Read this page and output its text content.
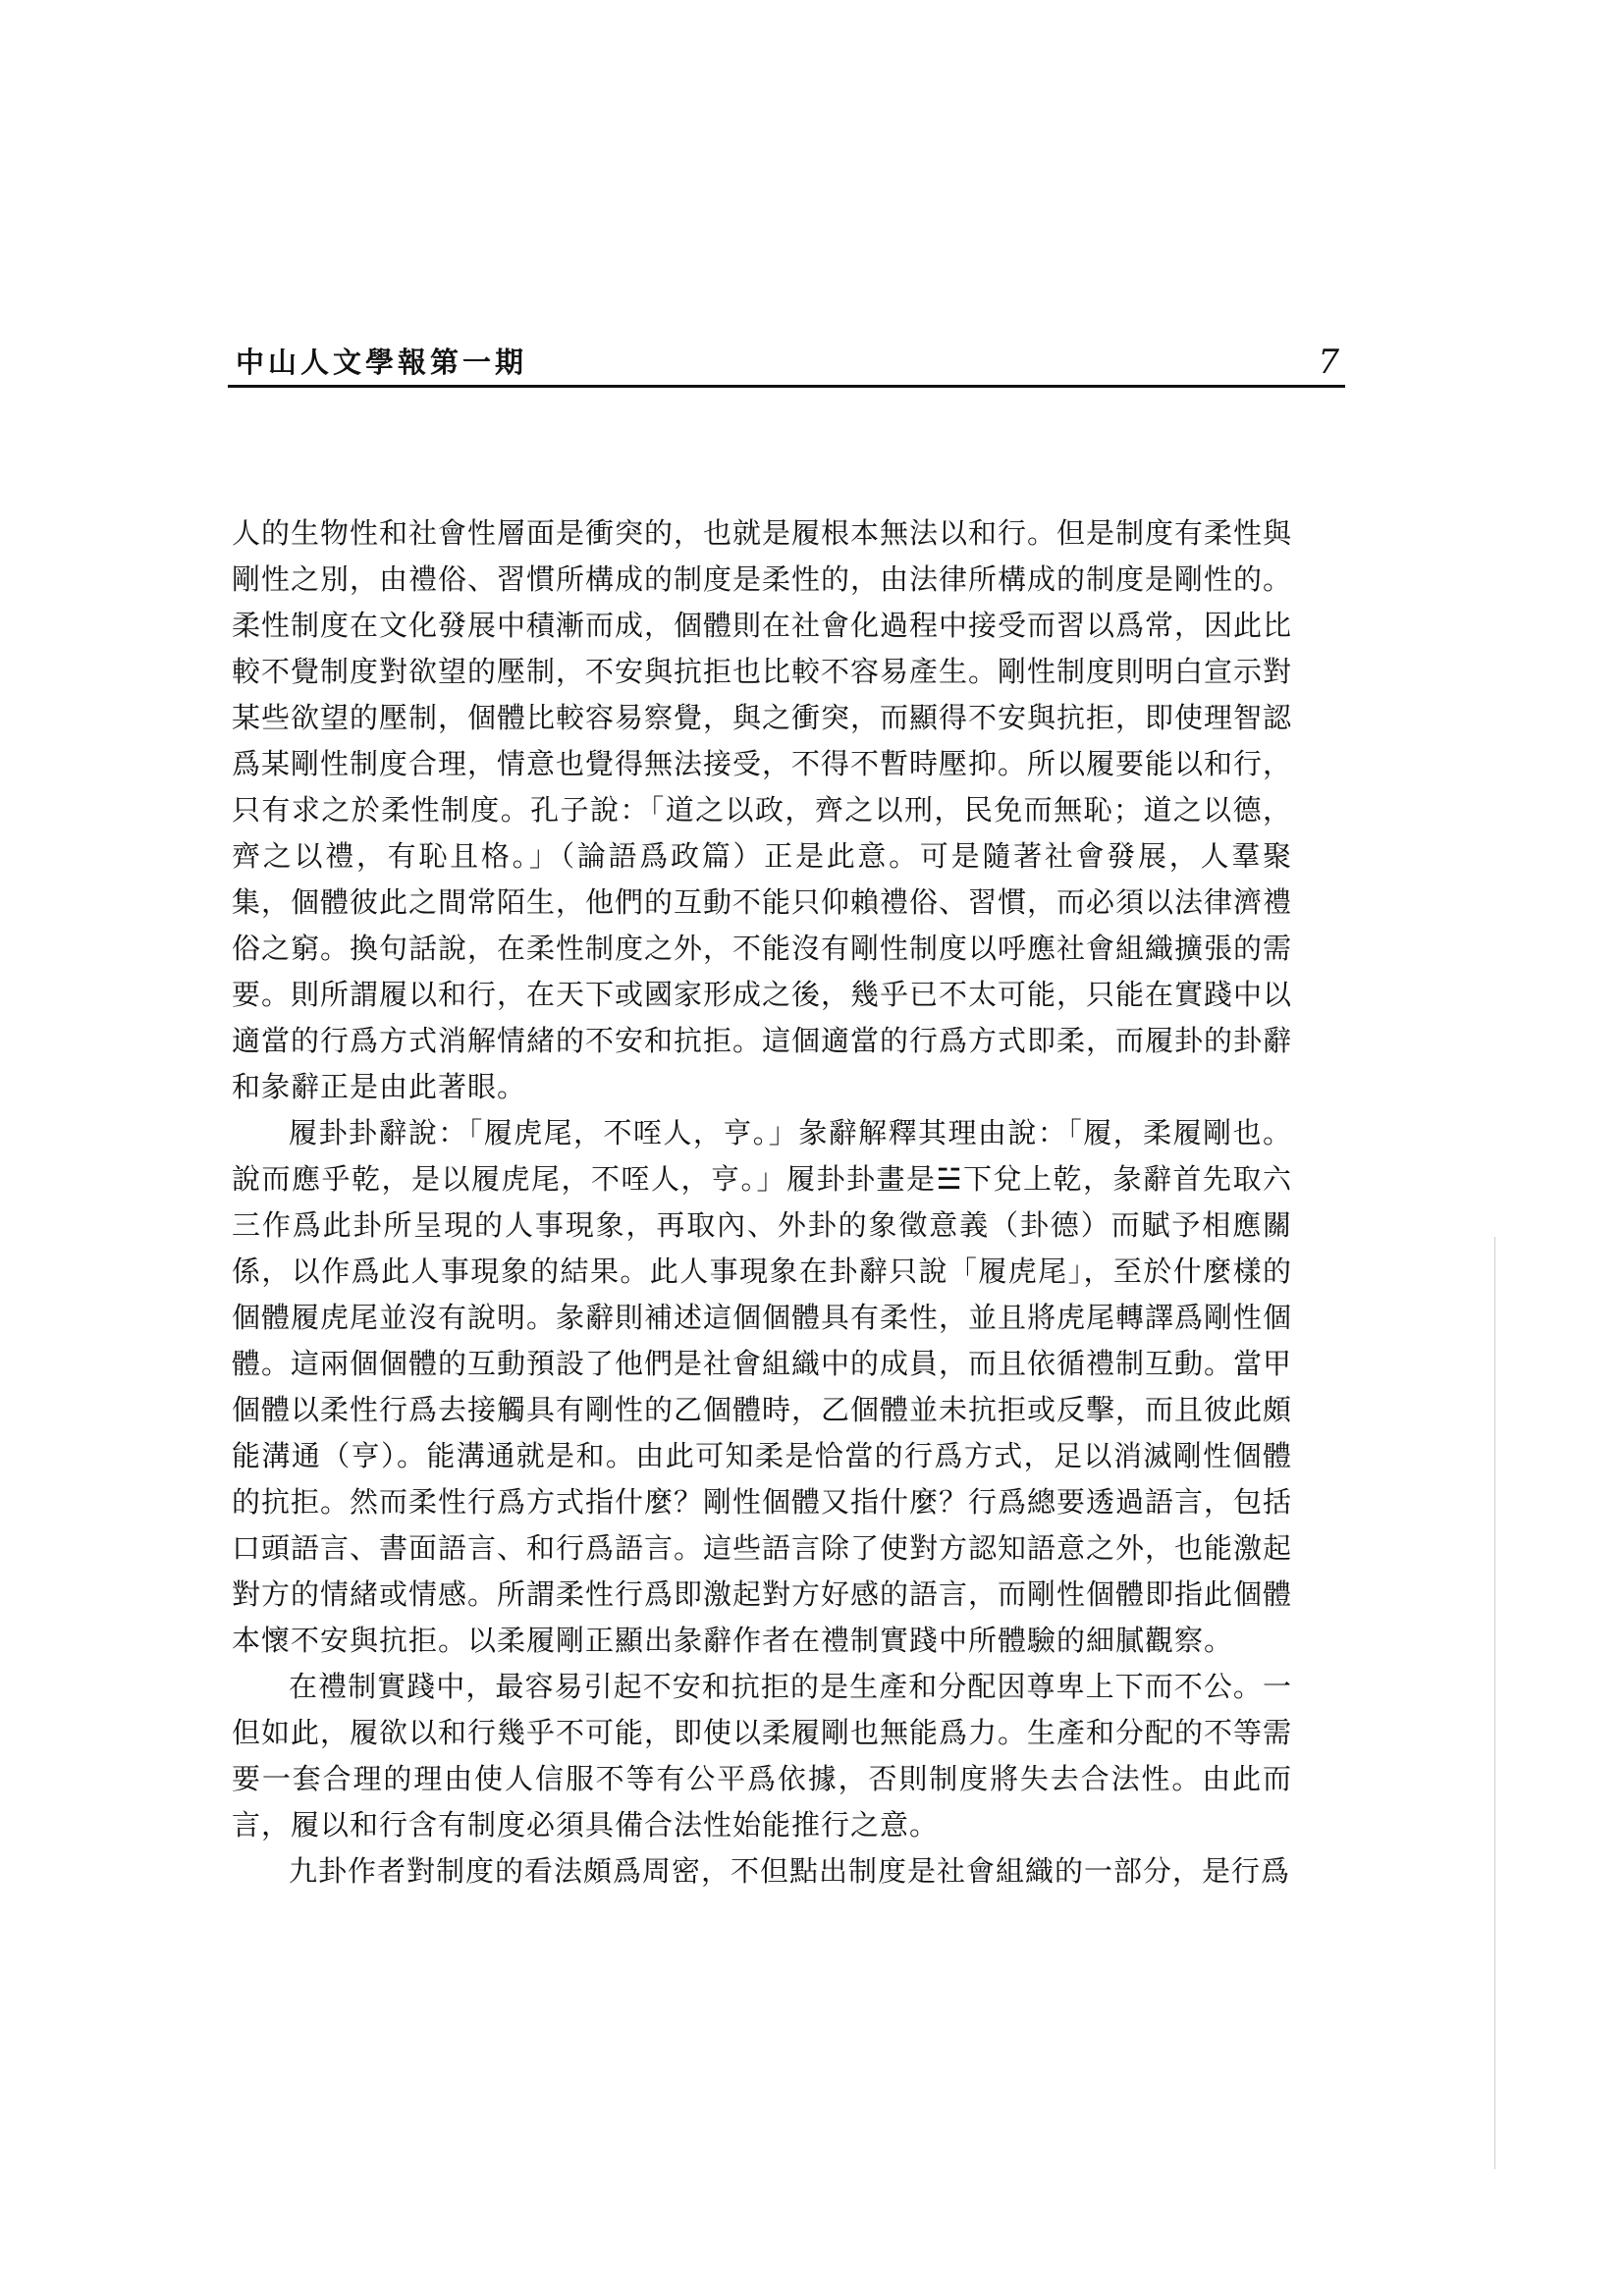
中山人文學報第一期	7

人的生物性和社會性層面是衝突的，也就是履根本無法以和行。但是制度有柔性與剛性之別，由禮俗、習慣所構成的制度是柔性的，由法律所構成的制度是剛性的。柔性制度在文化發展中積漸而成，個體則在社會化過程中接受而習以爲常，因此比較不覺制度對欲望的壓制，不安與抗拒也比較不容易產生。剛性制度則明白宣示對某些欲望的壓制，個體比較容易察覺，與之衝突，而顯得不安與抗拒，即使理智認爲某剛性制度合理，情意也覺得無法接受，不得不暫時壓抑。所以履要能以和行，只有求之於柔性制度。孔子說：「道之以政，齊之以刑，民免而無恥；道之以德，齊之以禮，有恥且格。」（論語爲政篇）正是此意。可是隨著社會發展，人羣聚集，個體彼此之間常陌生，他們的互動不能只仰賴禮俗、習慣，而必須以法律濟禮俗之窮。換句話說，在柔性制度之外，不能沒有剛性制度以呼應社會組織擴張的需要。則所謂履以和行，在天下或國家形成之後，幾乎已不太可能，只能在實踐中以適當的行爲方式消解情緒的不安和抗拒。這個適當的行爲方式即柔，而履卦的卦辭和彖辭正是由此著眼。

履卦卦辭說：「履虎尾，不咥人，亨。」彖辭解釋其理由說：「履，柔履剛也。說而應乎乾，是以履虎尾，不咥人，亨。」履卦卦畫是☱下兌上乾，彖辭首先取六三作爲此卦所呈現的人事現象，再取內、外卦的象徵意義（卦德）而賦予相應關係，以作爲此人事現象的結果。此人事現象在卦辭只說「履虎尾」，至於什麼樣的個體履虎尾並沒有說明。彖辭則補述這個個體具有柔性，並且將虎尾轉譯爲剛性個體。這兩個個體的互動預設了他們是社會組織中的成員，而且依循禮制互動。當甲個體以柔性行爲去接觸具有剛性的乙個體時，乙個體並未抗拒或反擊，而且彼此頗能溝通（亨）。能溝通就是和。由此可知柔是恰當的行爲方式，足以消滅剛性個體的抗拒。然而柔性行爲方式指什麼？剛性個體又指什麼？行爲總要透過語言，包括口頭語言、書面語言、和行爲語言。這些語言除了使對方認知語意之外，也能激起對方的情緒或情感。所謂柔性行爲即激起對方好感的語言，而剛性個體即指此個體本懷不安與抗拒。以柔履剛正顯出彖辭作者在禮制實踐中所體驗的細膩觀察。

在禮制實踐中，最容易引起不安和抗拒的是生產和分配因尊卑上下而不公。一但如此，履欲以和行幾乎不可能，即使以柔履剛也無能爲力。生產和分配的不等需要一套合理的理由使人信服不等有公平爲依據，否則制度將失去合法性。由此而言，履以和行含有制度必須具備合法性始能推行之意。

九卦作者對制度的看法頗爲周密，不但點出制度是社會組織的一部分，是行爲
